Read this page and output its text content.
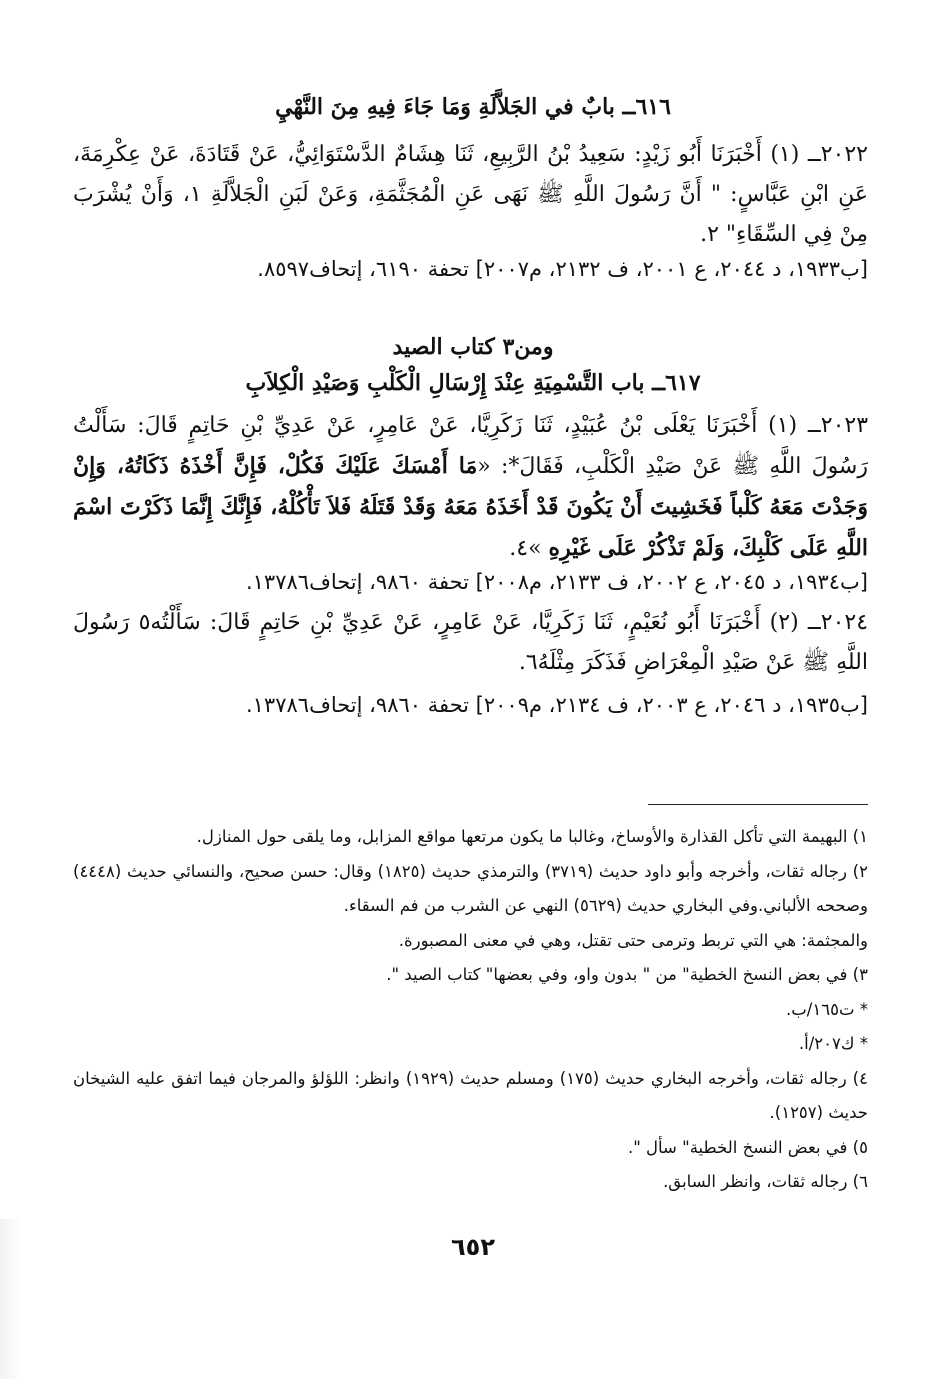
٦١٦ــ بابٌ في الجَلاَّلَةِ وَمَا جَاءَ فِيهِ مِنَ النَّهْيِ
٢٠٢٢ــ (١) أَخْبَرَنَا أَبُو زَيْدٍ: سَعِيدُ بْنُ الرَّبِيعِ، ثَنَا هِشَامٌ الدَّسْتَوَائِيُّ، عَنْ قَتَادَةَ، عَنْ عِكْرِمَةَ، عَنِ ابْنِ عَبَّاسٍ: " أَنَّ رَسُولَ اللَّهِ ﷺ نَهَى عَنِ الْمُجَثَّمَةِ، وَعَنْ لَبَنِ الْجَلاَّلَةِ ١، وَأَنْ يُشْرَبَ مِنْ فِي السِّقَاءِ" ٢.
[ب١٩٣٣، د ٢٠٤٤، ع ٢٠٠١، ف ٢١٣٢، م٢٠٠٧] تحفة ٦١٩٠، إتحاف٨٥٩٧.
ومن٣ كتاب الصيد
٦١٧ــ باب التَّسْمِيَةِ عِنْدَ إِرْسَالِ الْكَلْبِ وَصَيْدِ الْكِلاَبِ
٢٠٢٣ــ (١) أَخْبَرَنَا يَعْلَى بْنُ عُبَيْدٍ، ثَنَا زَكَرِيَّا، عَنْ عَامِرٍ، عَنْ عَدِيِّ بْنِ حَاتِمٍ قَالَ: سَأَلْتُ رَسُولَ اللَّهِ ﷺ عَنْ صَيْدِ الْكَلْبِ، فَقَالَ*: «مَا أَمْسَكَ عَلَيْكَ فَكُلْ، فَإِنَّ أَخْذَهُ ذَكَاتُهُ، وَإِنْ وَجَدْتَ مَعَهُ كَلْباً فَخَشِيتَ أَنْ يَكُونَ قَدْ أَخَذَهُ مَعَهُ وَقَدْ قَتَلَهُ فَلاَ تَأْكُلْهُ، فَإِنَّكَ إِنَّمَا ذَكَرْتَ اسْمَ اللَّهِ عَلَى كَلْبِكَ، وَلَمْ تَذْكُرْ عَلَى غَيْرِهِ »٤.
[ب١٩٣٤، د ٢٠٤٥، ع ٢٠٠٢، ف ٢١٣٣، م٢٠٠٨] تحفة ٩٨٦٠، إتحاف١٣٧٨٦.
٢٠٢٤ــ (٢) أَخْبَرَنَا أَبُو نُعَيْمٍ، ثَنَا زَكَرِيَّا، عَنْ عَامِرٍ، عَنْ عَدِيِّ بْنِ حَاتِمٍ قَالَ: سَأَلْتُه٥ رَسُولَ اللَّهِ ﷺ عَنْ صَيْدِ الْمِعْرَاضِ فَذَكَرَ مِثْلَهُ٦.
[ب١٩٣٥، د ٢٠٤٦، ع ٢٠٠٣، ف ٢١٣٤، م٢٠٠٩] تحفة ٩٨٦٠، إتحاف١٣٧٨٦.
١) البهيمة التي تأكل القذارة والأوساخ، وغالبا ما يكون مرتعها مواقع المزابل، وما يلقى حول المنازل.
٢) رجاله ثقات، وأخرجه وأبو داود حديث (٣٧١٩) والترمذي حديث (١٨٢٥) وقال: حسن صحيح، والنسائي حديث (٤٤٤٨) وصححه الألباني.وفي البخاري حديث (٥٦٢٩) النهي عن الشرب من فم السقاء.
والمجثمة: هي التي تربط وترمى حتى تقتل، وهي في معنى المصبورة.
٣) في بعض النسخ الخطية" من " بدون واو، وفي بعضها" كتاب الصيد ".
* ت١٦٥/ب.
* ك٢٠٧/أ.
٤) رجاله ثقات، وأخرجه البخاري حديث (١٧٥) ومسلم حديث (١٩٢٩) وانظر: اللؤلؤ والمرجان فيما اتفق عليه الشيخان حديث (١٢٥٧).
٥) في بعض النسخ الخطية" سأل ".
٦) رجاله ثقات، وانظر السابق.
٦٥٢
